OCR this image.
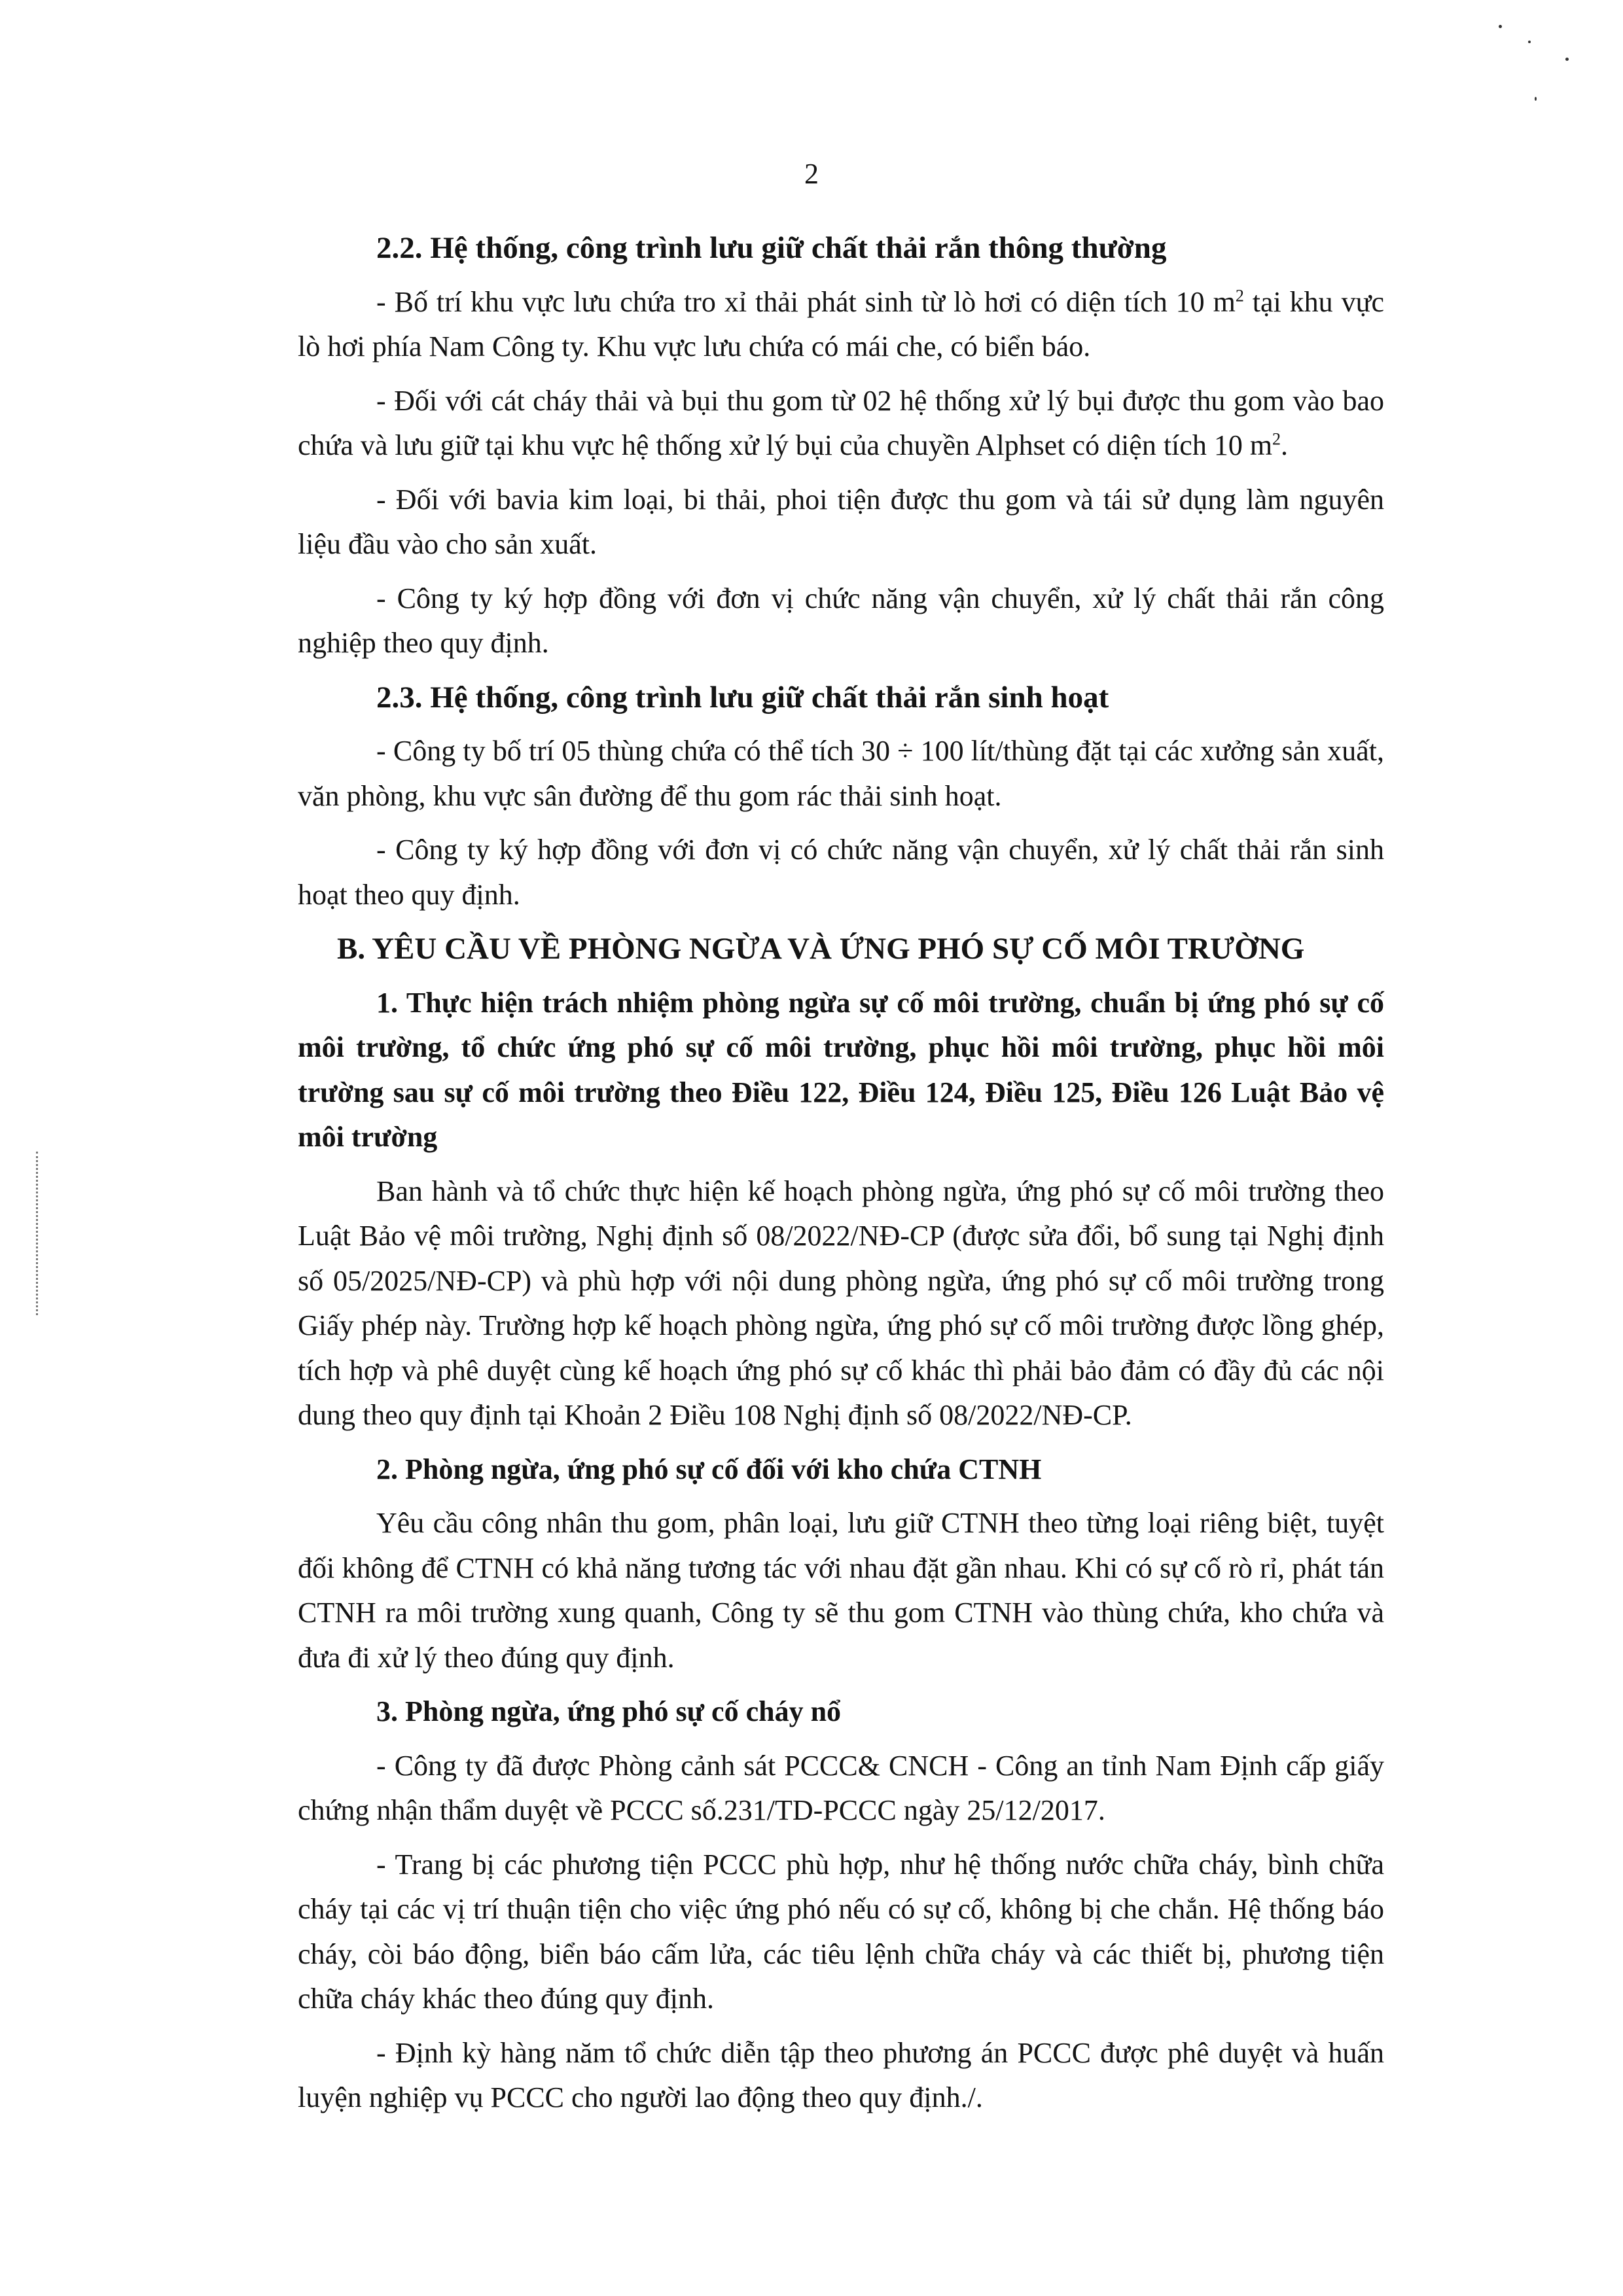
2

2.2. Hệ thống, công trình lưu giữ chất thải rắn thông thường

- Bố trí khu vực lưu chứa tro xỉ thải phát sinh từ lò hơi có diện tích 10 $m^2$ tại khu vực lò hơi phía Nam Công ty. Khu vực lưu chứa có mái che, có biển báo.

- Đối với cát cháy thải và bụi thu gom từ 02 hệ thống xử lý bụi được thu gom vào bao chứa và lưu giữ tại khu vực hệ thống xử lý bụi của chuyền Alphset có diện tích 10 $m^2$.

- Đối với bavia kim loại, bi thải, phoi tiện được thu gom và tái sử dụng làm nguyên liệu đầu vào cho sản xuất.

- Công ty ký hợp đồng với đơn vị chức năng vận chuyển, xử lý chất thải rắn công nghiệp theo quy định.

2.3. Hệ thống, công trình lưu giữ chất thải rắn sinh hoạt

- Công ty bố trí 05 thùng chứa có thể tích 30 ÷ 100 lít/thùng đặt tại các xưởng sản xuất, văn phòng, khu vực sân đường để thu gom rác thải sinh hoạt.

- Công ty ký hợp đồng với đơn vị có chức năng vận chuyển, xử lý chất thải rắn sinh hoạt theo quy định.

B. YÊU CẦU VỀ PHÒNG NGỪA VÀ ỨNG PHÓ SỰ CỐ MÔI TRƯỜNG

1. Thực hiện trách nhiệm phòng ngừa sự cố môi trường, chuẩn bị ứng phó sự cố môi trường, tổ chức ứng phó sự cố môi trường, phục hồi môi trường, phục hồi môi trường sau sự cố môi trường theo Điều 122, Điều 124, Điều 125, Điều 126 Luật Bảo vệ môi trường

Ban hành và tổ chức thực hiện kế hoạch phòng ngừa, ứng phó sự cố môi trường theo Luật Bảo vệ môi trường, Nghị định số 08/2022/NĐ-CP (được sửa đổi, bổ sung tại Nghị định số 05/2025/NĐ-CP) và phù hợp với nội dung phòng ngừa, ứng phó sự cố môi trường trong Giấy phép này. Trường hợp kế hoạch phòng ngừa, ứng phó sự cố môi trường được lồng ghép, tích hợp và phê duyệt cùng kế hoạch ứng phó sự cố khác thì phải bảo đảm có đầy đủ các nội dung theo quy định tại Khoản 2 Điều 108 Nghị định số 08/2022/NĐ-CP.

2. Phòng ngừa, ứng phó sự cố đối với kho chứa CTNH

Yêu cầu công nhân thu gom, phân loại, lưu giữ CTNH theo từng loại riêng biệt, tuyệt đối không để CTNH có khả năng tương tác với nhau đặt gần nhau. Khi có sự cố rò rỉ, phát tán CTNH ra môi trường xung quanh, Công ty sẽ thu gom CTNH vào thùng chứa, kho chứa và đưa đi xử lý theo đúng quy định.

3. Phòng ngừa, ứng phó sự cố cháy nổ

- Công ty đã được Phòng cảnh sát PCCC& CNCH - Công an tỉnh Nam Định cấp giấy chứng nhận thẩm duyệt về PCCC số.231/TD-PCCC ngày 25/12/2017.

- Trang bị các phương tiện PCCC phù hợp, như hệ thống nước chữa cháy, bình chữa cháy tại các vị trí thuận tiện cho việc ứng phó nếu có sự cố, không bị che chắn. Hệ thống báo cháy, còi báo động, biển báo cấm lửa, các tiêu lệnh chữa cháy và các thiết bị, phương tiện chữa cháy khác theo đúng quy định.

- Định kỳ hàng năm tổ chức diễn tập theo phương án PCCC được phê duyệt và huấn luyện nghiệp vụ PCCC cho người lao động theo quy định./.
